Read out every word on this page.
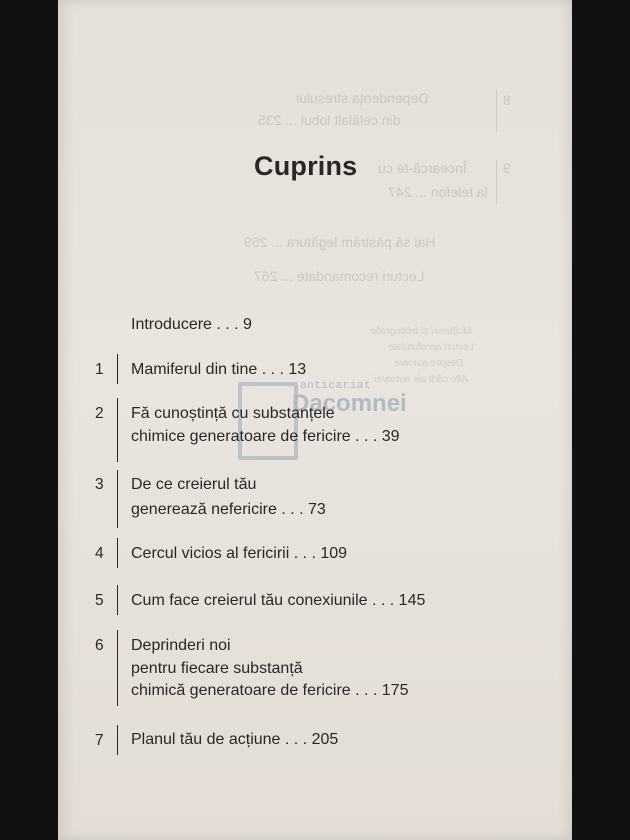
8
Dependența stresului
din celălalt lobul ... 235
9
Încearcă-te cu
la telefon ... 247
Hai să păstrăm legătura ... 259
Lecturi recomandate ... 267
Mulțumiri și bibliografie
Lecturi aprofundate
Despre autoare
Alte cărți ale autoarei
anticariat
Dacomnei
Cuprins
Introducere . . . 9
1 Mamiferul din tine . . . 13
2 Fă cunoștință cu substanțele
chimice generatoare de fericire . . . 39
3 De ce creierul tău
generează nefericire . . . 73
4 Cercul vicios al fericirii . . . 109
5 Cum face creierul tău conexiunile . . . 145
6 Deprinderi noi
pentru fiecare substanță
chimică generatoare de fericire . . . 175
7 Planul tău de acțiune . . . 205
